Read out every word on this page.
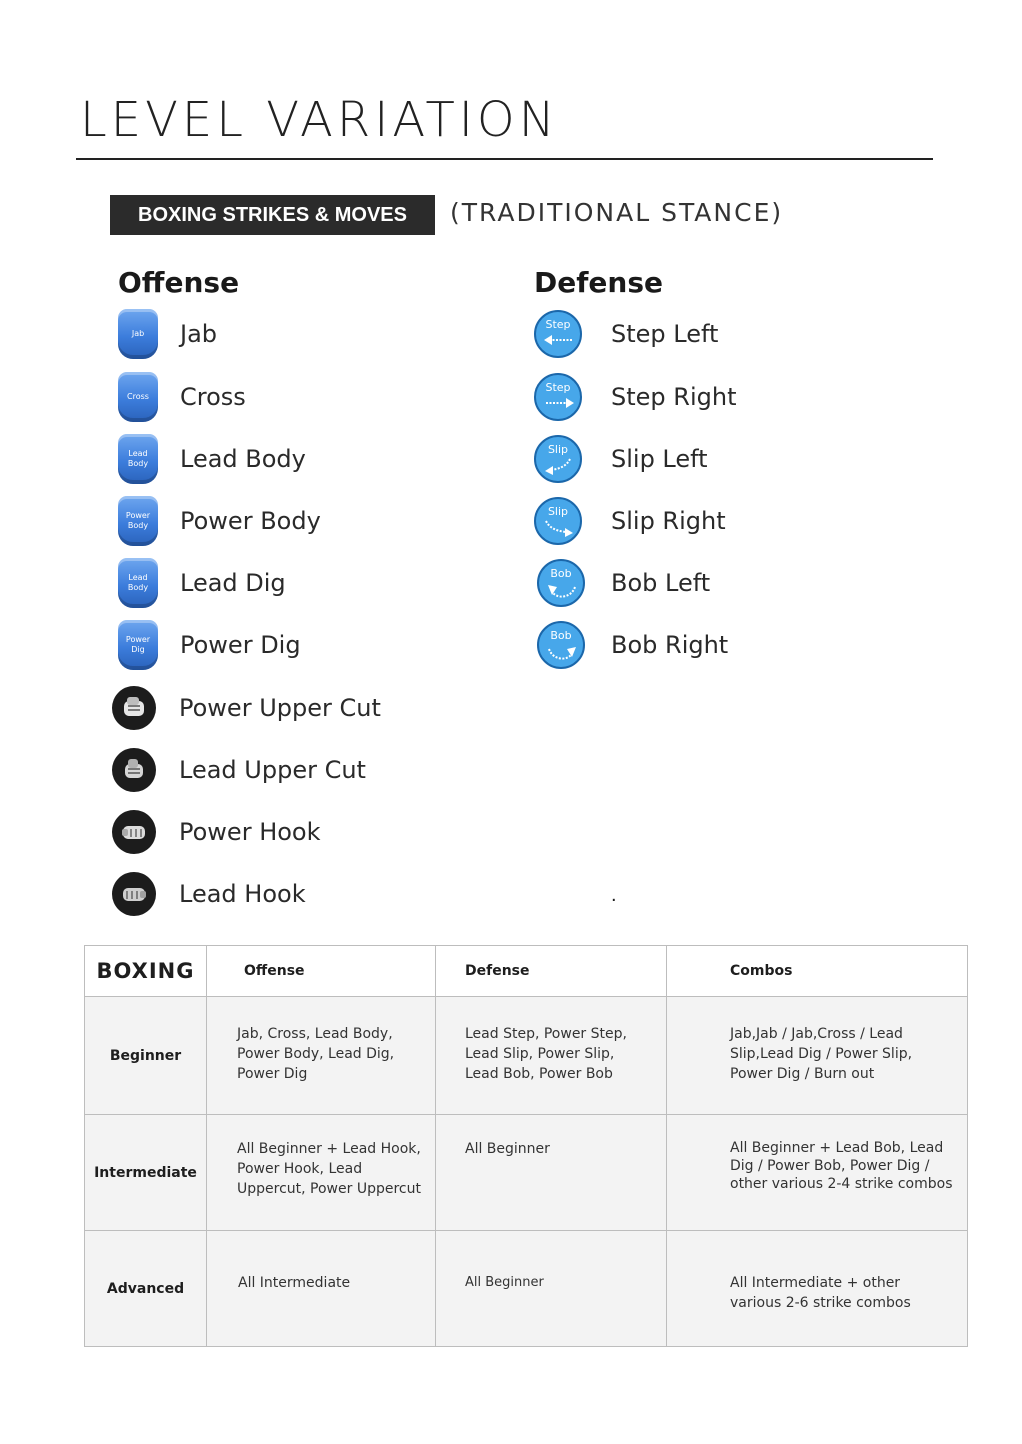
LEVEL VARIATION
BOXING STRIKES & MOVES	(TRADITIONAL STANCE)
Offense	Defense
Jab	Jab
Cross	Cross
Lead
Body	Lead Body
Power
Body	Power Body
Lead
Body	Lead Dig
Power
Dig	Power Dig
Power Upper Cut
Lead Upper Cut
Power Hook
Lead Hook
Step	Step Left
Step	Step Right
Slip	Slip Left
Slip	Slip Right
Bob	Bob Left
Bob	Bob Right
.
BOXING	Offense	Defense	Combos
Beginner	Jab, Cross, Lead Body,
Power Body, Lead Dig,
Power Dig	Lead Step, Power Step,
Lead Slip, Power Slip,
Lead Bob, Power Bob	Jab,Jab / Jab,Cross / Lead
Slip,Lead Dig / Power Slip,
Power Dig / Burn out

Intermediate	All Beginner + Lead Hook,
Power Hook, Lead
Uppercut, Power Uppercut	All Beginner	All Beginner + Lead Bob, Lead
Dig / Power Bob, Power Dig /
other various 2-4 strike combos

Advanced	All Intermediate	All Beginner	All Intermediate + other
various 2-6 strike combos
